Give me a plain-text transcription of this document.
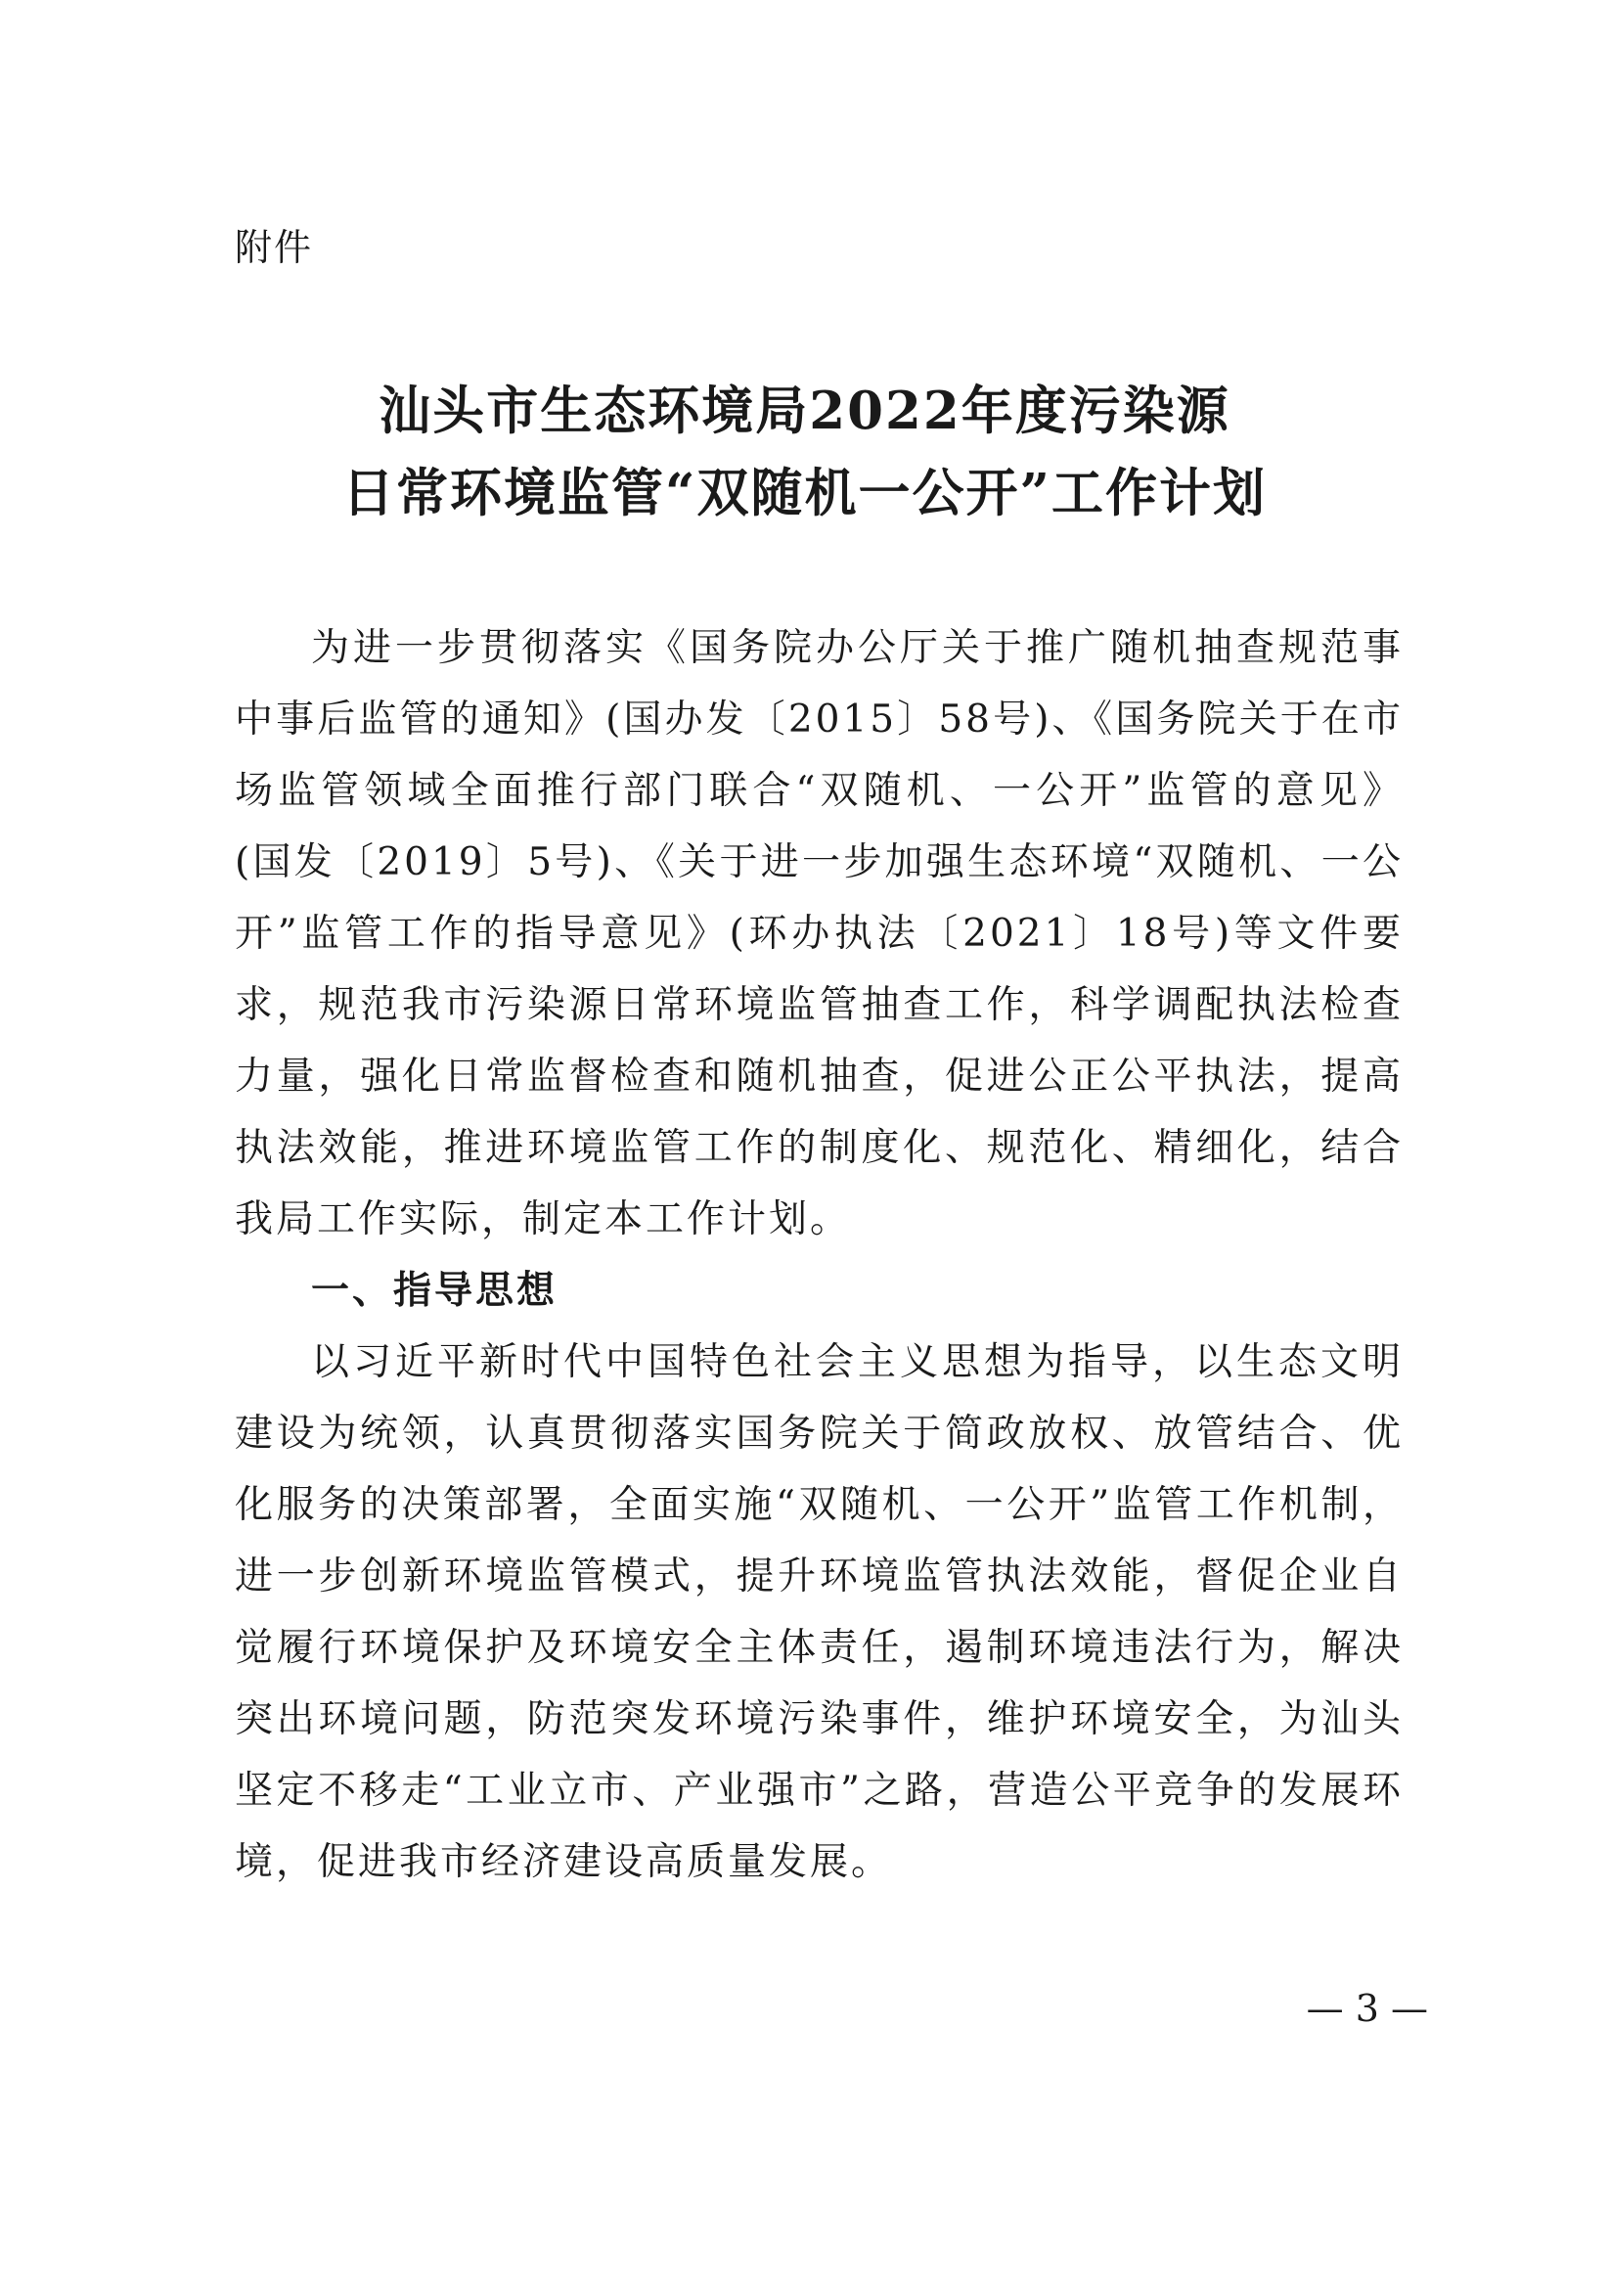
附件

汕头市生态环境局2022年度污染源
日常环境监管“双随机一公开”工作计划

为进一步贯彻落实《国务院办公厅关于推广随机抽查规范事中事后监管的通知》(国办发〔2015〕58号)、《国务院关于在市场监管领域全面推行部门联合“双随机、一公开”监管的意见》(国发〔2019〕5号)、《关于进一步加强生态环境“双随机、一公开”监管工作的指导意见》(环办执法〔2021〕18号)等文件要求，规范我市污染源日常环境监管抽查工作，科学调配执法检查力量，强化日常监督检查和随机抽查，促进公正公平执法，提高执法效能，推进环境监管工作的制度化、规范化、精细化，结合我局工作实际，制定本工作计划。

一、指导思想

以习近平新时代中国特色社会主义思想为指导，以生态文明建设为统领，认真贯彻落实国务院关于简政放权、放管结合、优化服务的决策部署，全面实施“双随机、一公开”监管工作机制，进一步创新环境监管模式，提升环境监管执法效能，督促企业自觉履行环境保护及环境安全主体责任，遏制环境违法行为，解决突出环境问题，防范突发环境污染事件，维护环境安全，为汕头坚定不移走“工业立市、产业强市”之路，营造公平竞争的发展环境，促进我市经济建设高质量发展。

— 3 —
